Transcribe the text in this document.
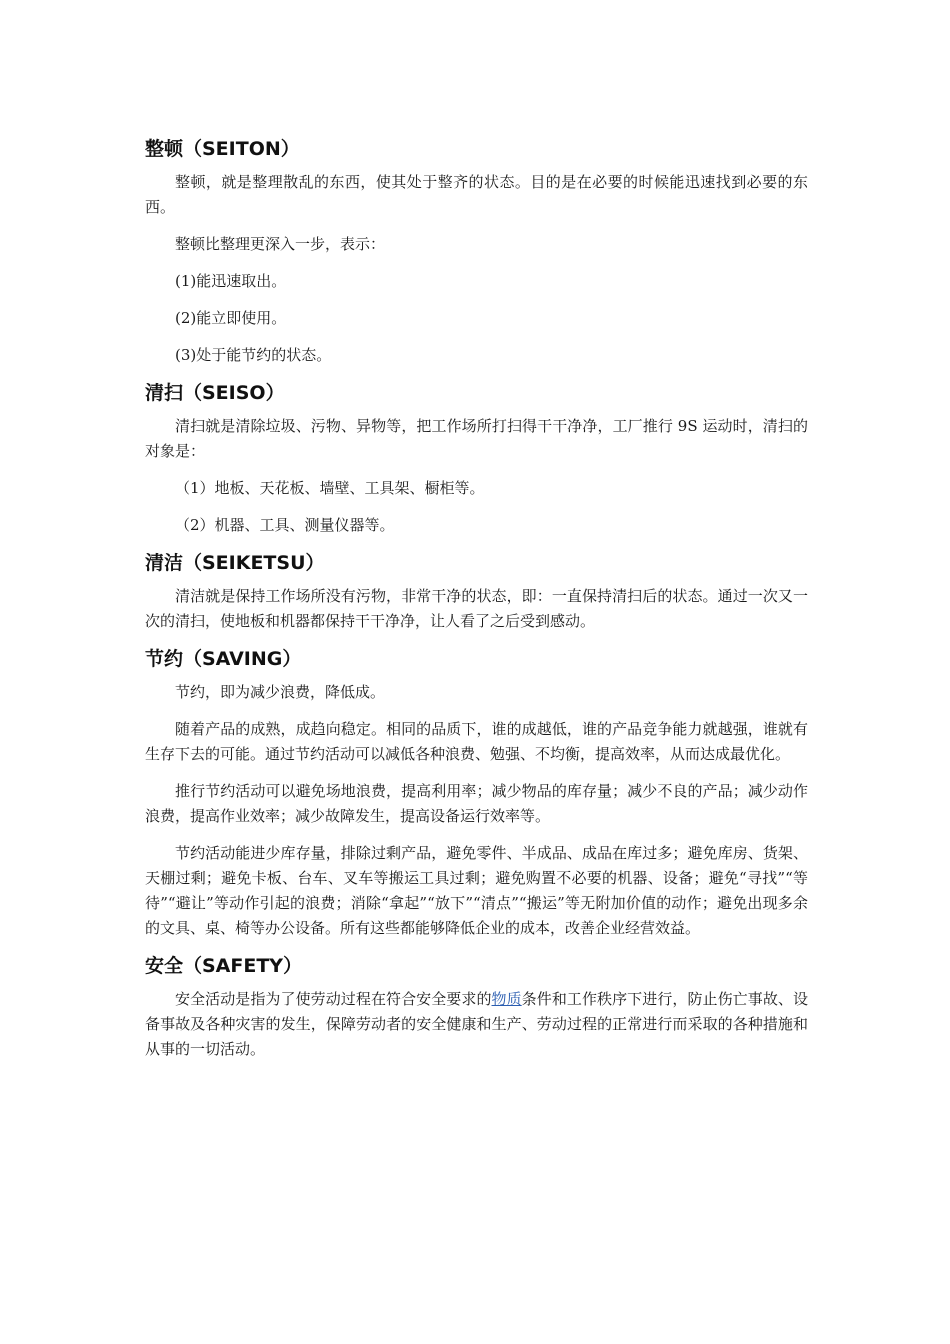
整顿（SEITON）

整顿，就是整理散乱的东西，使其处于整齐的状态。目的是在必要的时候能迅速找到必要的东西。

整顿比整理更深入一步，表示：

(1)能迅速取出。

(2)能立即使用。

(3)处于能节约的状态。

清扫（SEISO）

清扫就是清除垃圾、污物、异物等，把工作场所打扫得干干净净，工厂推行 9S 运动时，清扫的对象是：

（1）地板、天花板、墙壁、工具架、橱柜等。

（2）机器、工具、测量仪器等。

清洁（SEIKETSU）

清洁就是保持工作场所没有污物，非常干净的状态，即：一直保持清扫后的状态。通过一次又一次的清扫，使地板和机器都保持干干净净，让人看了之后受到感动。

节约（SAVING）

节约，即为减少浪费，降低成。

随着产品的成熟，成趋向稳定。相同的品质下，谁的成越低，谁的产品竞争能力就越强，谁就有生存下去的可能。通过节约活动可以减低各种浪费、勉强、不均衡，提高效率，从而达成最优化。

推行节约活动可以避免场地浪费，提高利用率；减少物品的库存量；减少不良的产品；减少动作浪费，提高作业效率；减少故障发生，提高设备运行效率等。

节约活动能进少库存量，排除过剩产品，避免零件、半成品、成品在库过多；避免库房、货架、天棚过剩；避免卡板、台车、叉车等搬运工具过剩；避免购置不必要的机器、设备；避免“寻找”“等待”“避让”等动作引起的浪费；消除“拿起”“放下”“清点”“搬运”等无附加价值的动作；避免出现多余的文具、桌、椅等办公设备。所有这些都能够降低企业的成本，改善企业经营效益。

安全（SAFETY）

安全活动是指为了使劳动过程在符合安全要求的物质条件和工作秩序下进行，防止伤亡事故、设备事故及各种灾害的发生，保障劳动者的安全健康和生产、劳动过程的正常进行而采取的各种措施和从事的一切活动。
